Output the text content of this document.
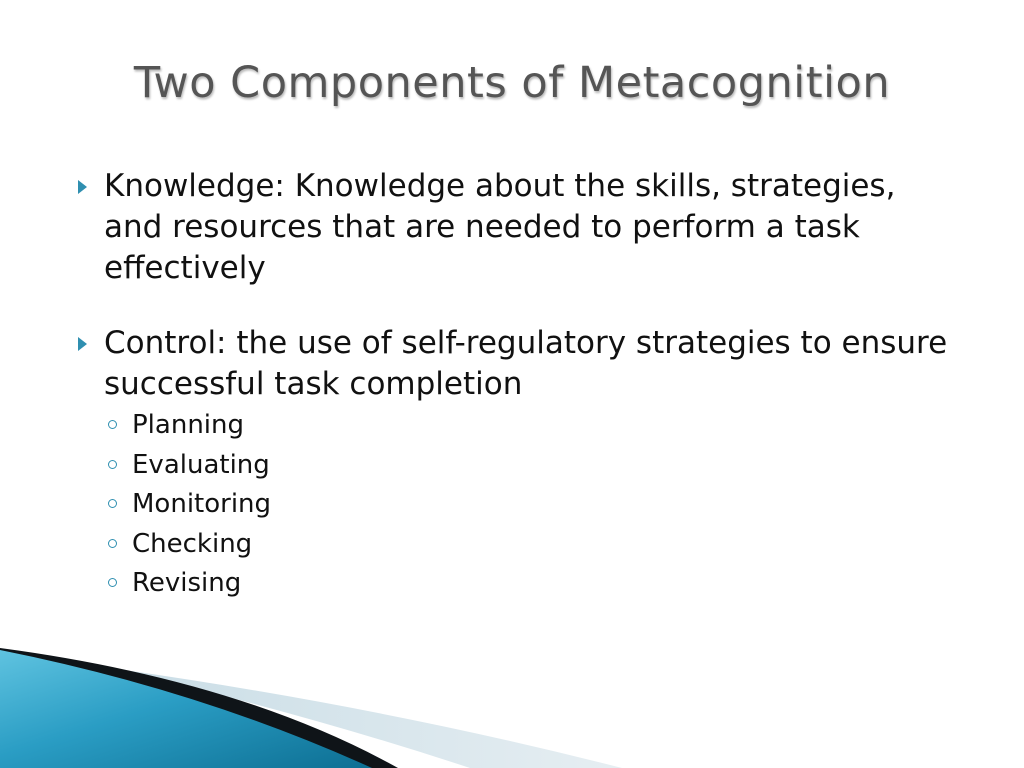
Two Components of Metacognition
Knowledge: Knowledge about the skills, strategies, and resources that are needed to perform a task effectively
Control: the use of self-regulatory strategies to ensure successful task completion
Planning
Evaluating
Monitoring
Checking
Revising
